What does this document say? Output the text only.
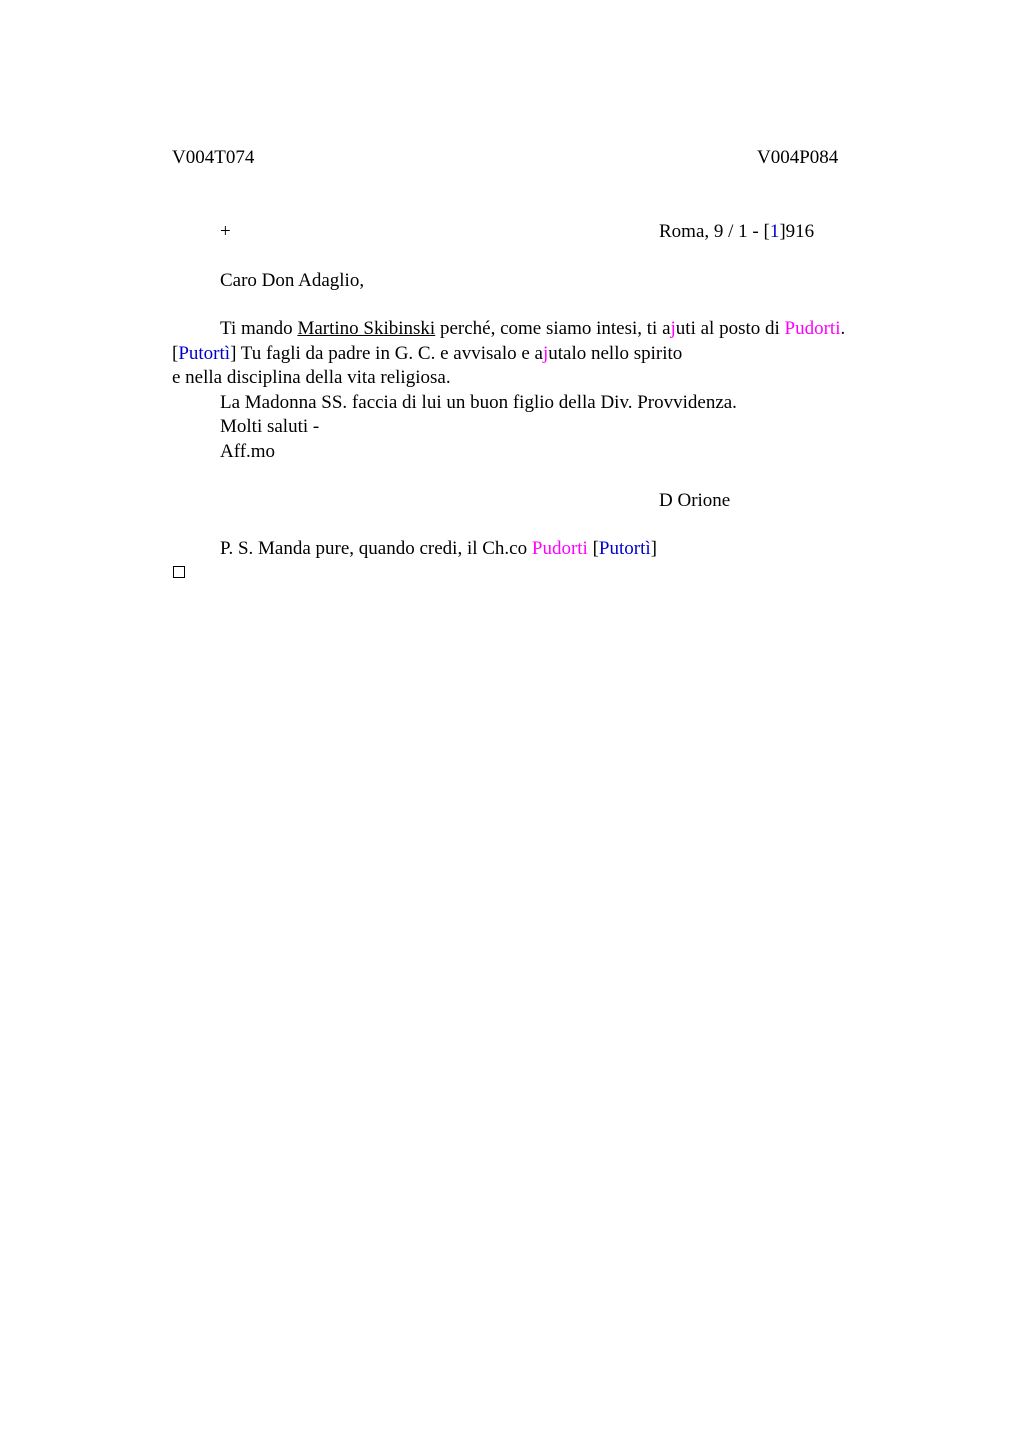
V004T074	V004P084
+	Roma, 9 / 1 - [1]916
Caro Don Adaglio,
Ti mando Martino Skibinski perché, come siamo intesi, ti ajuti al posto di Pudorti.
[Putortì] Tu fagli da padre in G. C. e avvisalo e ajutalo nello spirito
e nella disciplina della vita religiosa.
La Madonna SS. faccia di lui un buon figlio della Div. Provvidenza.
Molti saluti -
Aff.mo
D Orione
P. S. Manda pure, quando credi, il Ch.co Pudorti [Putortì]
